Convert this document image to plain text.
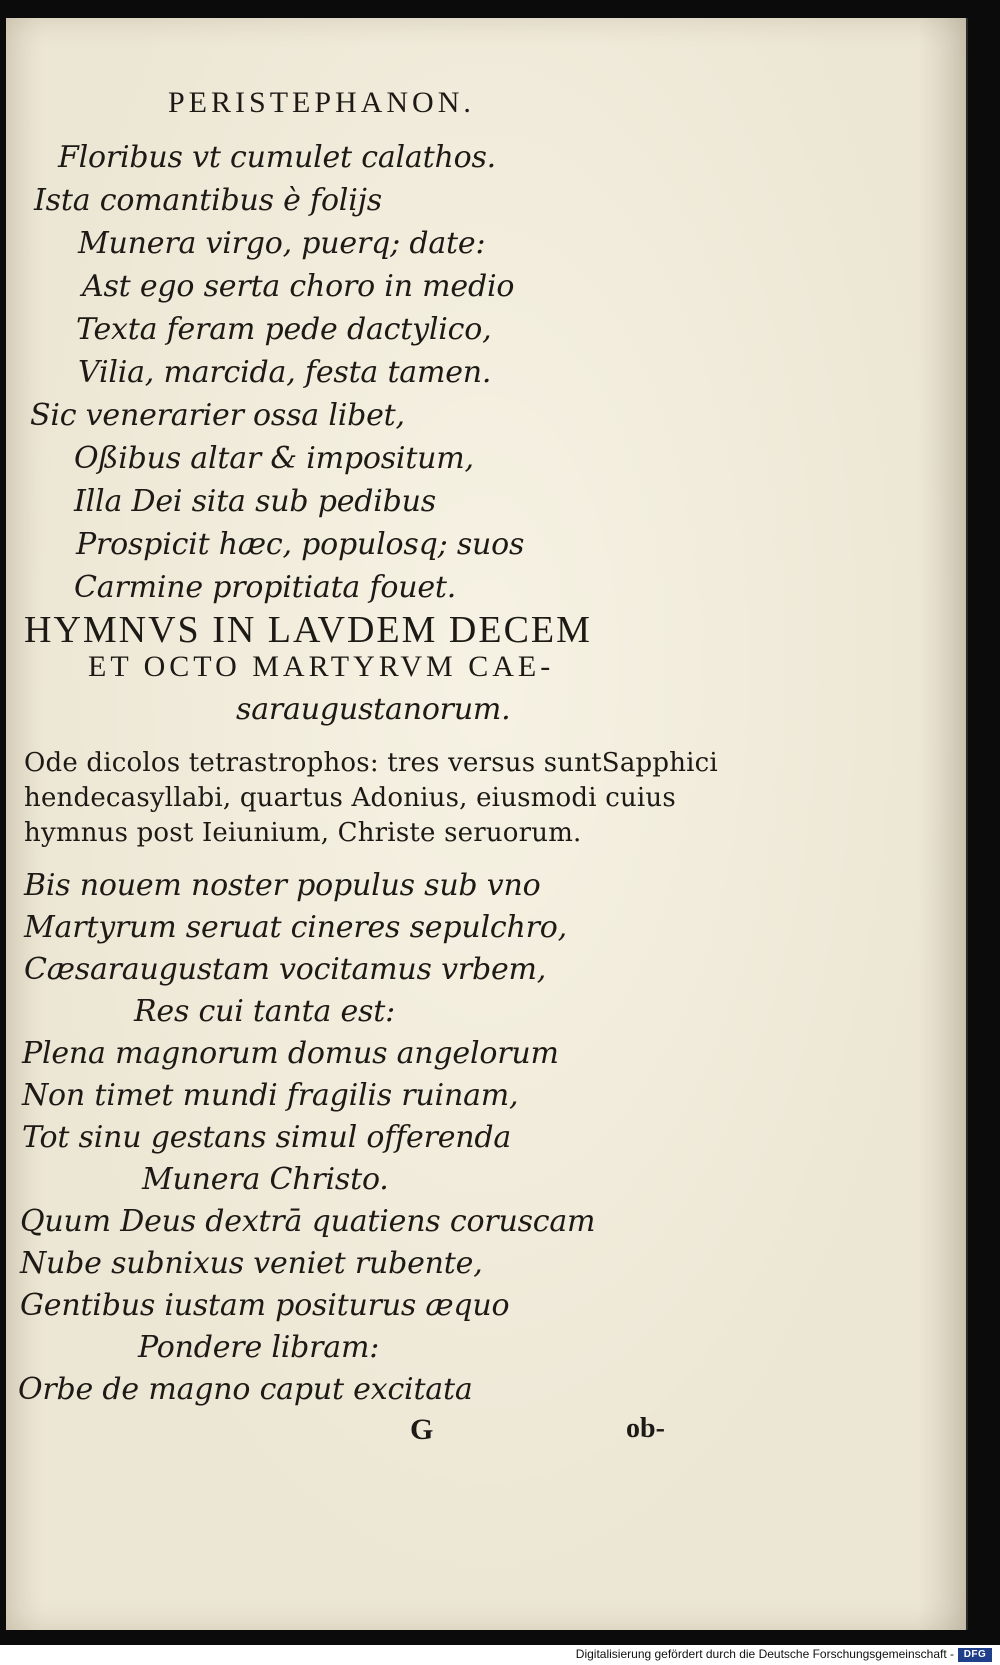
PERISTEPHANON.
Floribus vt cumulet calathos.
Ista comantibus è folijs
Munera virgo, puerq; date:
Ast ego serta choro in medio
Texta feram pede dactylico,
Vilia, marcida, festa tamen.
Sic venerarier ossa libet,
Oßibus altar & impositum,
Illa Dei sita sub pedibus
Prospicit hæc, populosq; suos
Carmine propitiata fouet.
HYMNVS IN LAVDEM DECEM
ET OCTO MARTYRVM CAE-
saraugustanorum.
Ode dicolos tetrastrophos: tres versus suntSapphici
hendecasyllabi, quartus Adonius, eiusmodi cuius
hymnus post Ieiunium, Christe seruorum.
Bis nouem noster populus sub vno
Martyrum seruat cineres sepulchro,
Cæsaraugustam vocitamus vrbem,
Res cui tanta est:
Plena magnorum domus angelorum
Non timet mundi fragilis ruinam,
Tot sinu gestans simul offerenda
Munera Christo.
Quum Deus dextrā quatiens coruscam
Nube subnixus veniet rubente,
Gentibus iustam positurus æquo
Pondere libram:
Orbe de magno caput excitata
G	ob-
Digitalisierung gefördert durch die Deutsche Forschungsgemeinschaft - DFG
